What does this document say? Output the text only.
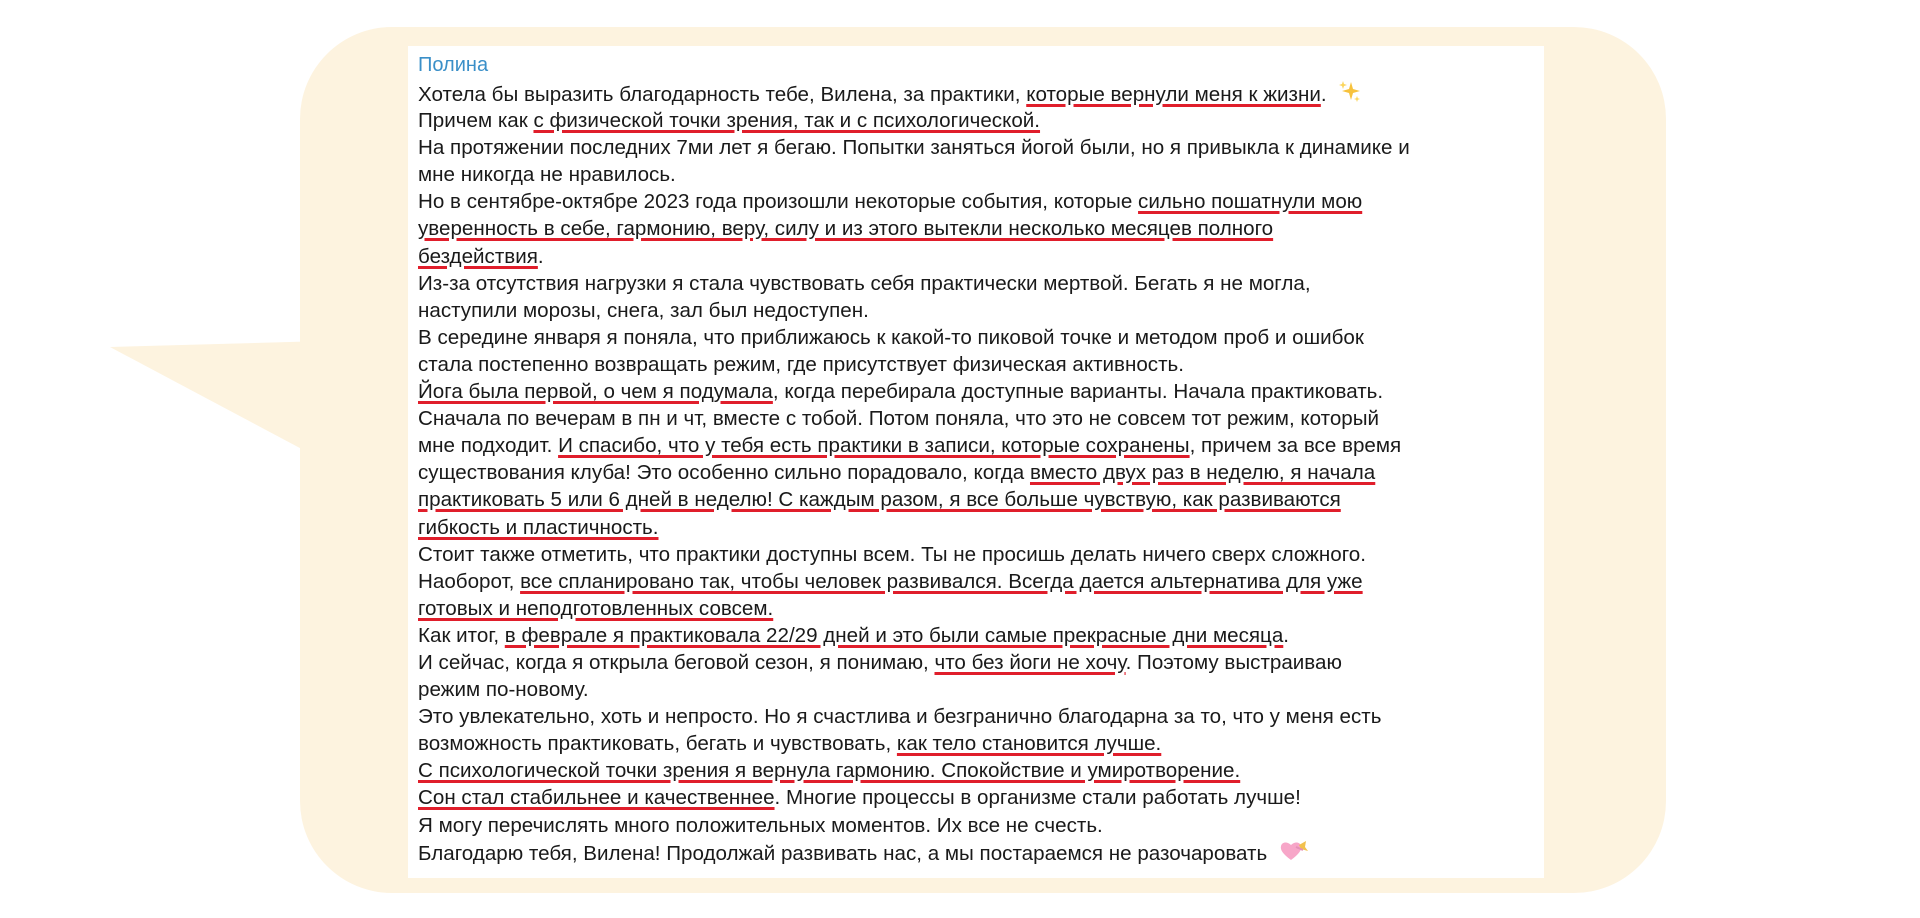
Полина
Хотела бы выразить благодарность тебе, Вилена, за практики, которые вернули меня к жизни.
Причем как с физической точки зрения, так и с психологической.
На протяжении последних 7ми лет я бегаю. Попытки заняться йогой были, но я привыкла к динамике и
мне никогда не нравилось.
Но в сентябре-октябре 2023 года произошли некоторые события, которые сильно пошатнули мою
уверенность в себе, гармонию, веру, силу и из этого вытекли несколько месяцев полного
бездействия.
Из-за отсутствия нагрузки я стала чувствовать себя практически мертвой. Бегать я не могла,
наступили морозы, снега, зал был недоступен.
В середине января я поняла, что приближаюсь к какой-то пиковой точке и методом проб и ошибок
стала постепенно возвращать режим, где присутствует физическая активность.
Йога была первой, о чем я подумала, когда перебирала доступные варианты. Начала практиковать.
Сначала по вечерам в пн и чт, вместе с тобой. Потом поняла, что это не совсем тот режим, который
мне подходит. И спасибо, что у тебя есть практики в записи, которые сохранены, причем за все время
существования клуба! Это особенно сильно порадовало, когда вместо двух раз в неделю, я начала
практиковать 5 или 6 дней в неделю! С каждым разом, я все больше чувствую, как развиваются
гибкость и пластичность.
Стоит также отметить, что практики доступны всем. Ты не просишь делать ничего сверх сложного.
Наоборот, все спланировано так, чтобы человек развивался. Всегда дается альтернатива для уже
готовых и неподготовленных совсем.
Как итог, в феврале я практиковала 22/29 дней и это были самые прекрасные дни месяца.
И сейчас, когда я открыла беговой сезон, я понимаю, что без йоги не хочу. Поэтому выстраиваю
режим по-новому.
Это увлекательно, хоть и непросто. Но я счастлива и безгранично благодарна за то, что у меня есть
возможность практиковать, бегать и чувствовать, как тело становится лучше.
С психологической точки зрения я вернула гармонию. Спокойствие и умиротворение.
Сон стал стабильнее и качественнее. Многие процессы в организме стали работать лучше!
Я могу перечислять много положительных моментов. Их все не счесть.
Благодарю тебя, Вилена! Продолжай развивать нас, а мы постараемся не разочаровать
